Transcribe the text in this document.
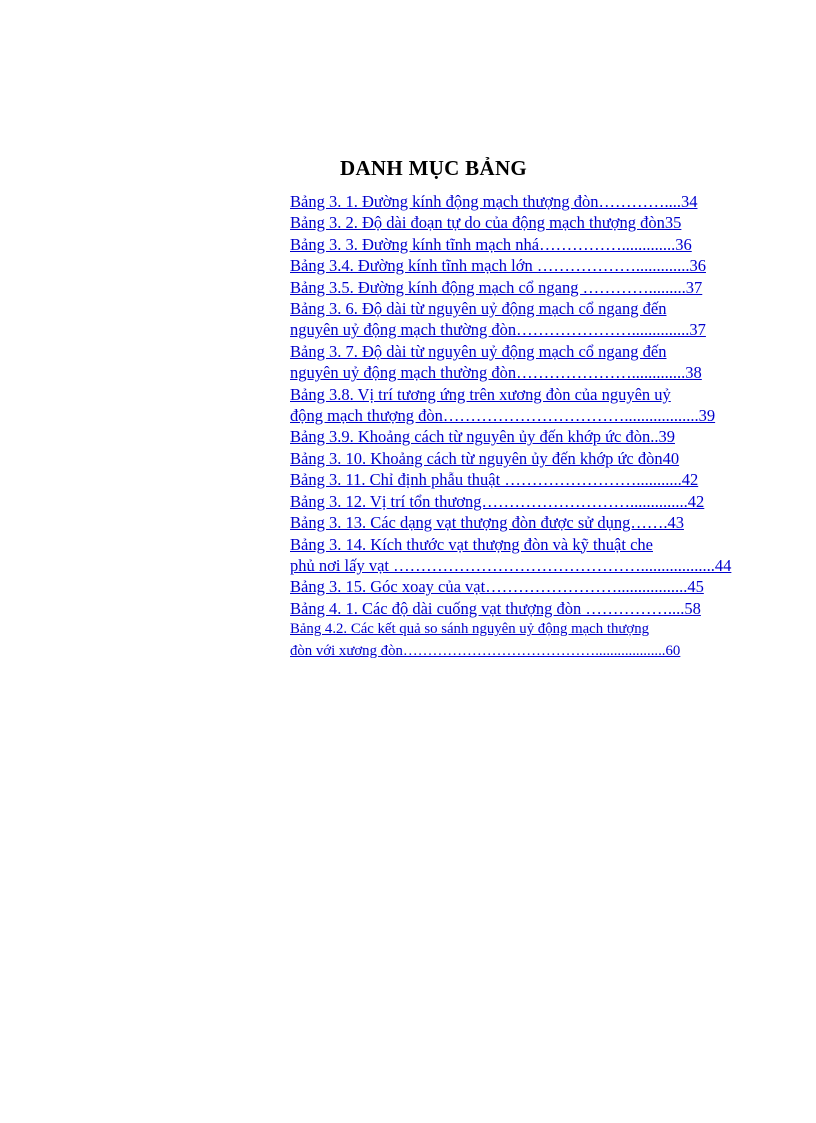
DANH MỤC BẢNG
Bảng 3. 1. Đường kính động mạch thượng đòn…………....34
Bảng 3. 2. Độ dài đoạn tự do của động mạch thượng đòn35
Bảng 3. 3. Đường kính tĩnh mạch nhá…………….............36
Bảng 3.4. Đường kính tĩnh mạch lớn ……………….............36
Bảng 3.5. Đường kính động mạch cổ ngang ………….........37
Bảng 3. 6. Độ dài từ nguyên uỷ động mạch cổ ngang đến
nguyên uỷ động mạch thường đòn…………………..............37
Bảng 3. 7. Độ dài từ nguyên uỷ động mạch cổ ngang đến
nguyên uỷ động mạch thường đòn………………….............38
Bảng 3.8. Vị trí tương ứng trên xương đòn của nguyên uỷ
động mạch thượng đòn……………………………..................39
Bảng 3.9. Khoảng cách từ nguyên ủy đến khớp ức đòn..39
Bảng 3. 10. Khoảng cách từ nguyên ủy đến khớp ức đòn40
Bảng 3. 11. Chỉ định phẫu thuật ……………………...........42
Bảng 3. 12. Vị trí tổn thương………………………..............42
Bảng 3. 13. Các dạng vạt thượng đòn được sử dụng…….43
Bảng 3. 14. Kích thước vạt thượng đòn và kỹ thuật che
phủ nơi lấy vạt ………………………………………..................44
Bảng 3. 15. Góc xoay của vạt…………………….................45
Bảng 4. 1. Các độ dài cuống vạt thượng đòn ……………....58
Bảng 4.2. Các kết quả so sánh nguyên uỷ động mạch thượng
đòn với xương đòn…………………………………...................60
